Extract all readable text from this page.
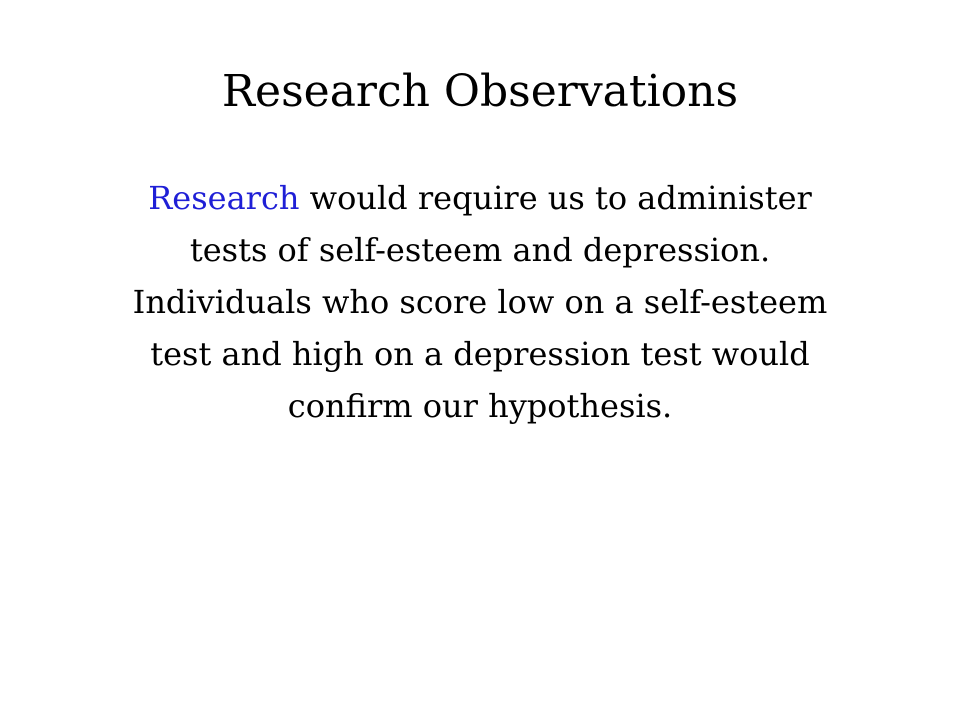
Research Observations

Research would require us to administer
tests of self-esteem and depression.
Individuals who score low on a self-esteem
test and high on a depression test would
confirm our hypothesis.
